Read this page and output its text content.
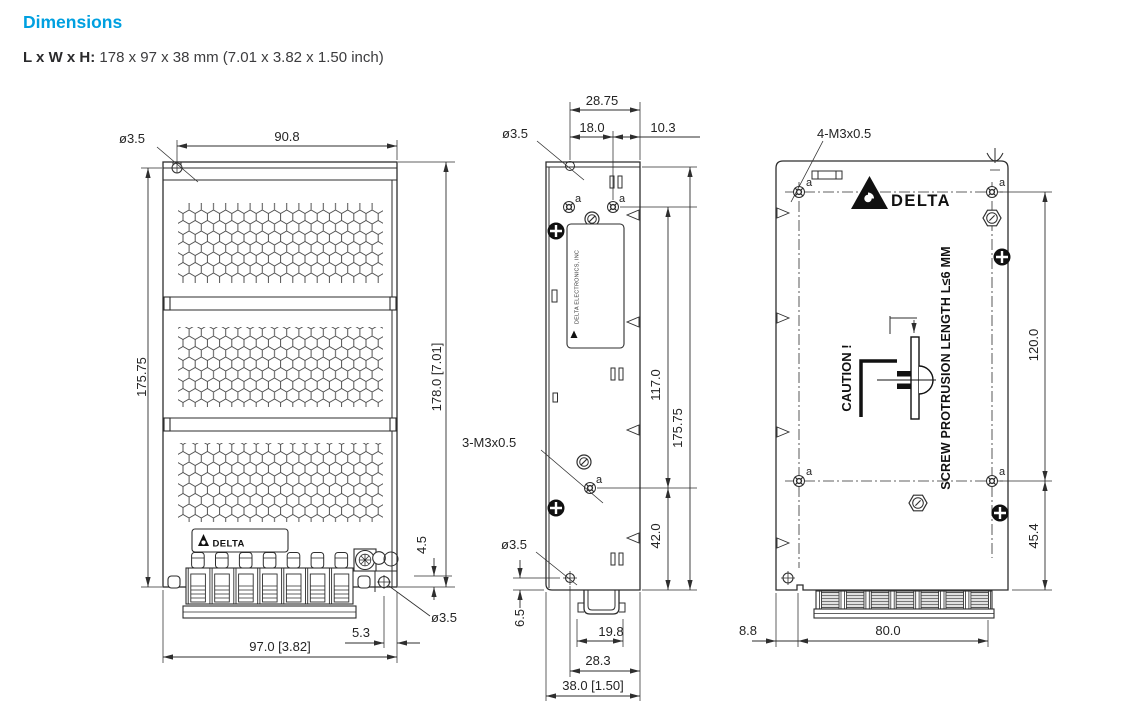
Dimensions
L x W x H: 178 x 97 x 38 mm (7.01 x 3.82 x 1.50 inch)
DELTA
ø3.5	90.8
175.75	178.0 [7.01]
4.5
ø3.5
5.3
97.0 [3.82]
a	a
a
DELTA ELECTRONICS, INC
28.75
18.0	10.3
ø3.5
3-M3x0.5
ø3.5
6.5
117.0
42.0
175.75
19.8
28.3
38.0 [1.50]
a	a
a	a
DELTA
CAUTION !	SCREW PROTRUSION LENGTH L≤6 MM
4-M3x0.5
120.0
45.4
8.8	80.0
